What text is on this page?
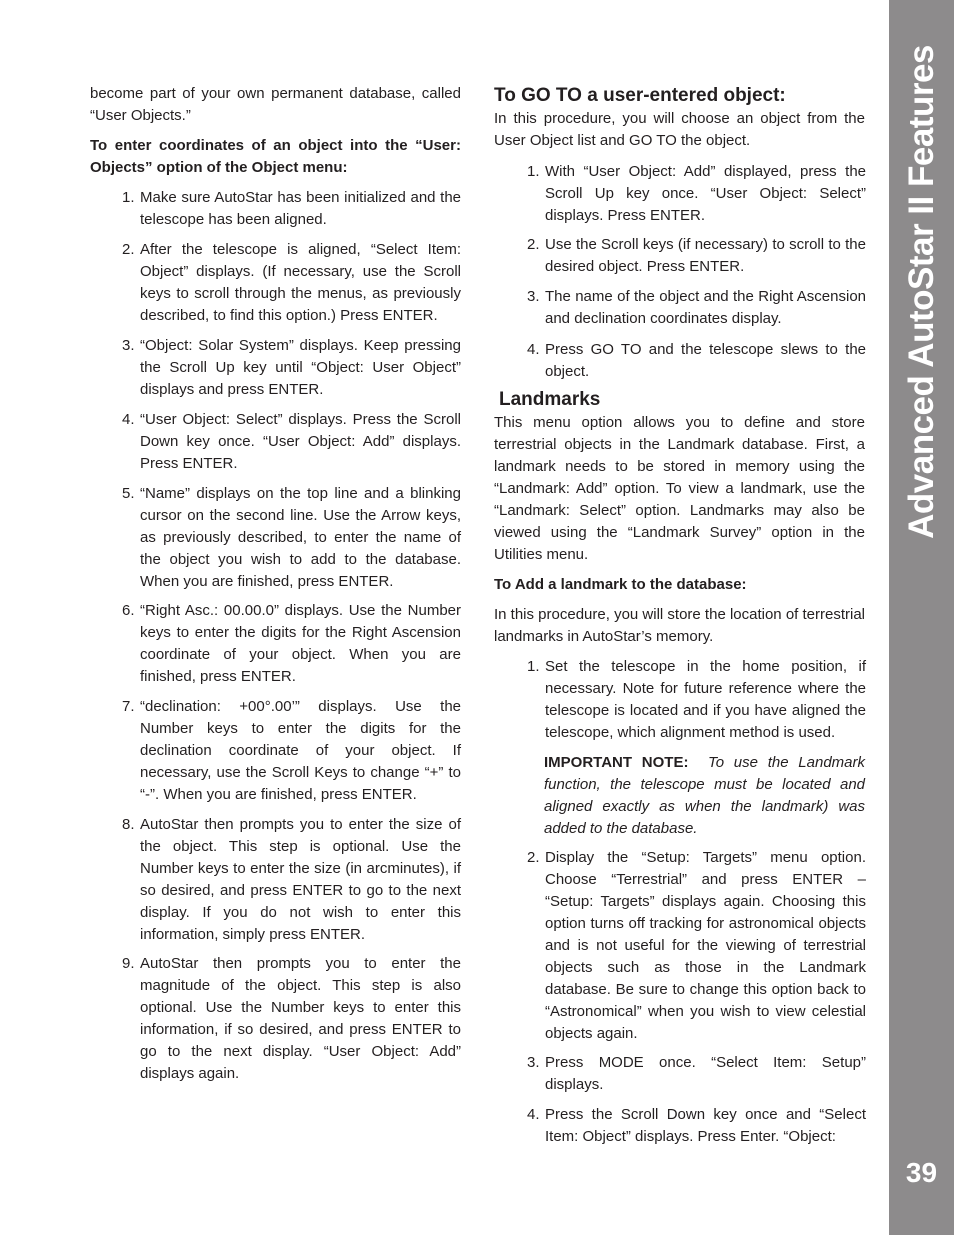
become part of your own permanent database, called “User Objects.”

To enter coordinates of an object into the “User: Objects” option of the Object menu:

1. Make sure AutoStar has been initialized and the telescope has been aligned.
2. After the telescope is aligned, “Select Item: Object” displays. (If necessary, use the Scroll keys to scroll through the menus, as previously described, to find this option.) Press ENTER.
3. “Object: Solar System” displays. Keep pressing the Scroll Up key until “Object: User Object” displays and press ENTER.
4. “User Object: Select” displays. Press the Scroll Down key once. “User Object: Add” displays. Press ENTER.
5. “Name” displays on the top line and a blinking cursor on the second line. Use the Arrow keys, as previously described, to enter the name of the object you wish to add to the database. When you are finished, press ENTER.
6. “Right Asc.: 00.00.0” displays. Use the Number keys to enter the digits for the Right Ascension coordinate of your object. When you are finished, press ENTER.
7. “declination: +00°.00’” displays. Use the Number keys to enter the digits for the declination coordinate of your object. If necessary, use the Scroll Keys to change “+” to “-”. When you are finished, press ENTER.
8. AutoStar then prompts you to enter the size of the object. This step is optional. Use the Number keys to enter the size (in arcminutes), if so desired, and press ENTER to go to the next display. If you do not wish to enter this information, simply press ENTER.
9. AutoStar then prompts you to enter the magnitude of the object. This step is also optional. Use the Number keys to enter this information, if so desired, and press ENTER to go to the next display. “User Object: Add” displays again.
To GO TO a user-entered object:

In this procedure, you will choose an object from the User Object list and GO TO the object.

1. With “User Object: Add” displayed, press the Scroll Up key once. “User Object: Select” displays. Press ENTER.
2. Use the Scroll keys (if necessary) to scroll to the desired object. Press ENTER.
3. The name of the object and the Right Ascension and declination coordinates display.
4. Press GO TO and the telescope slews to the object.
Landmarks

This menu option allows you to define and store terrestrial objects in the Landmark database. First, a landmark needs to be stored in memory using the “Landmark: Add” option. To view a landmark, use the “Landmark: Select” option. Landmarks may also be viewed using the “Landmark Survey” option in the Utilities menu.

To Add a landmark to the database:

In this procedure, you will store the location of terrestrial landmarks in AutoStar’s memory.

1. Set the telescope in the home position, if necessary. Note for future reference where the telescope is located and if you have aligned the telescope, which alignment method is used.
IMPORTANT NOTE: To use the Landmark function, the telescope must be located and aligned exactly as when the landmark) was added to the database.
2. Display the “Setup: Targets” menu option. Choose “Terrestrial” and press ENTER – “Setup: Targets” displays again. Choosing this option turns off tracking for astronomical objects and is not useful for the viewing of terrestrial objects such as those in the Landmark database. Be sure to change this option back to “Astronomical” when you wish to view celestial objects again.
3. Press MODE once. “Select Item: Setup” displays.
4. Press the Scroll Down key once and “Select Item: Object” displays. Press Enter. “Object:
Advanced AutoStar II Features
39
